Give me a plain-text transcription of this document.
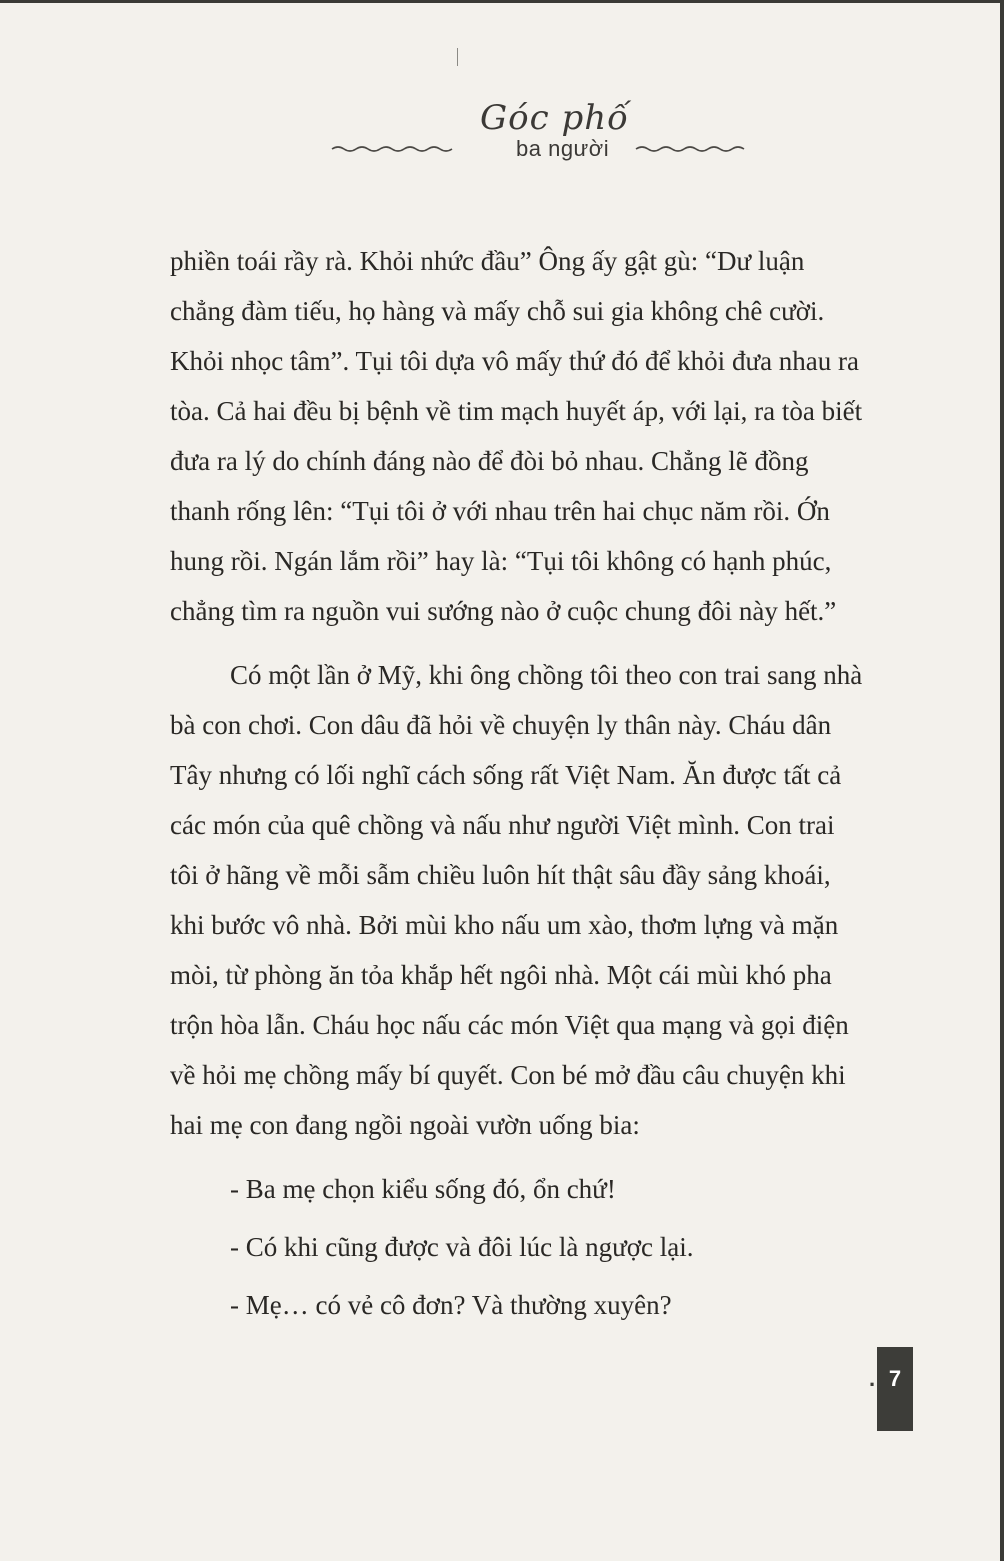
Góc phố
ba người

phiền toái rầy rà. Khỏi nhức đầu” Ông ấy gật gù: “Dư luận chẳng đàm tiếu, họ hàng và mấy chỗ sui gia không chê cười. Khỏi nhọc tâm”. Tụi tôi dựa vô mấy thứ đó để khỏi đưa nhau ra tòa. Cả hai đều bị bệnh về tim mạch huyết áp, với lại, ra tòa biết đưa ra lý do chính đáng nào để đòi bỏ nhau. Chẳng lẽ đồng thanh rống lên: “Tụi tôi ở với nhau trên hai chục năm rồi. Ớn hung rồi. Ngán lắm rồi” hay là: “Tụi tôi không có hạnh phúc, chẳng tìm ra nguồn vui sướng nào ở cuộc chung đôi này hết.”

Có một lần ở Mỹ, khi ông chồng tôi theo con trai sang nhà bà con chơi. Con dâu đã hỏi về chuyện ly thân này. Cháu dân Tây nhưng có lối nghĩ cách sống rất Việt Nam. Ăn được tất cả các món của quê chồng và nấu như người Việt mình. Con trai tôi ở hãng về mỗi sẫm chiều luôn hít thật sâu đầy sảng khoái, khi bước vô nhà. Bởi mùi kho nấu um xào, thơm lựng và mặn mòi, từ phòng ăn tỏa khắp hết ngôi nhà. Một cái mùi khó pha trộn hòa lẫn. Cháu học nấu các món Việt qua mạng và gọi điện về hỏi mẹ chồng mấy bí quyết. Con bé mở đầu câu chuyện khi hai mẹ con đang ngồi ngoài vườn uống bia:

- Ba mẹ chọn kiểu sống đó, ổn chứ!

- Có khi cũng được và đôi lúc là ngược lại.

- Mẹ… có vẻ cô đơn? Và thường xuyên?

. 7
